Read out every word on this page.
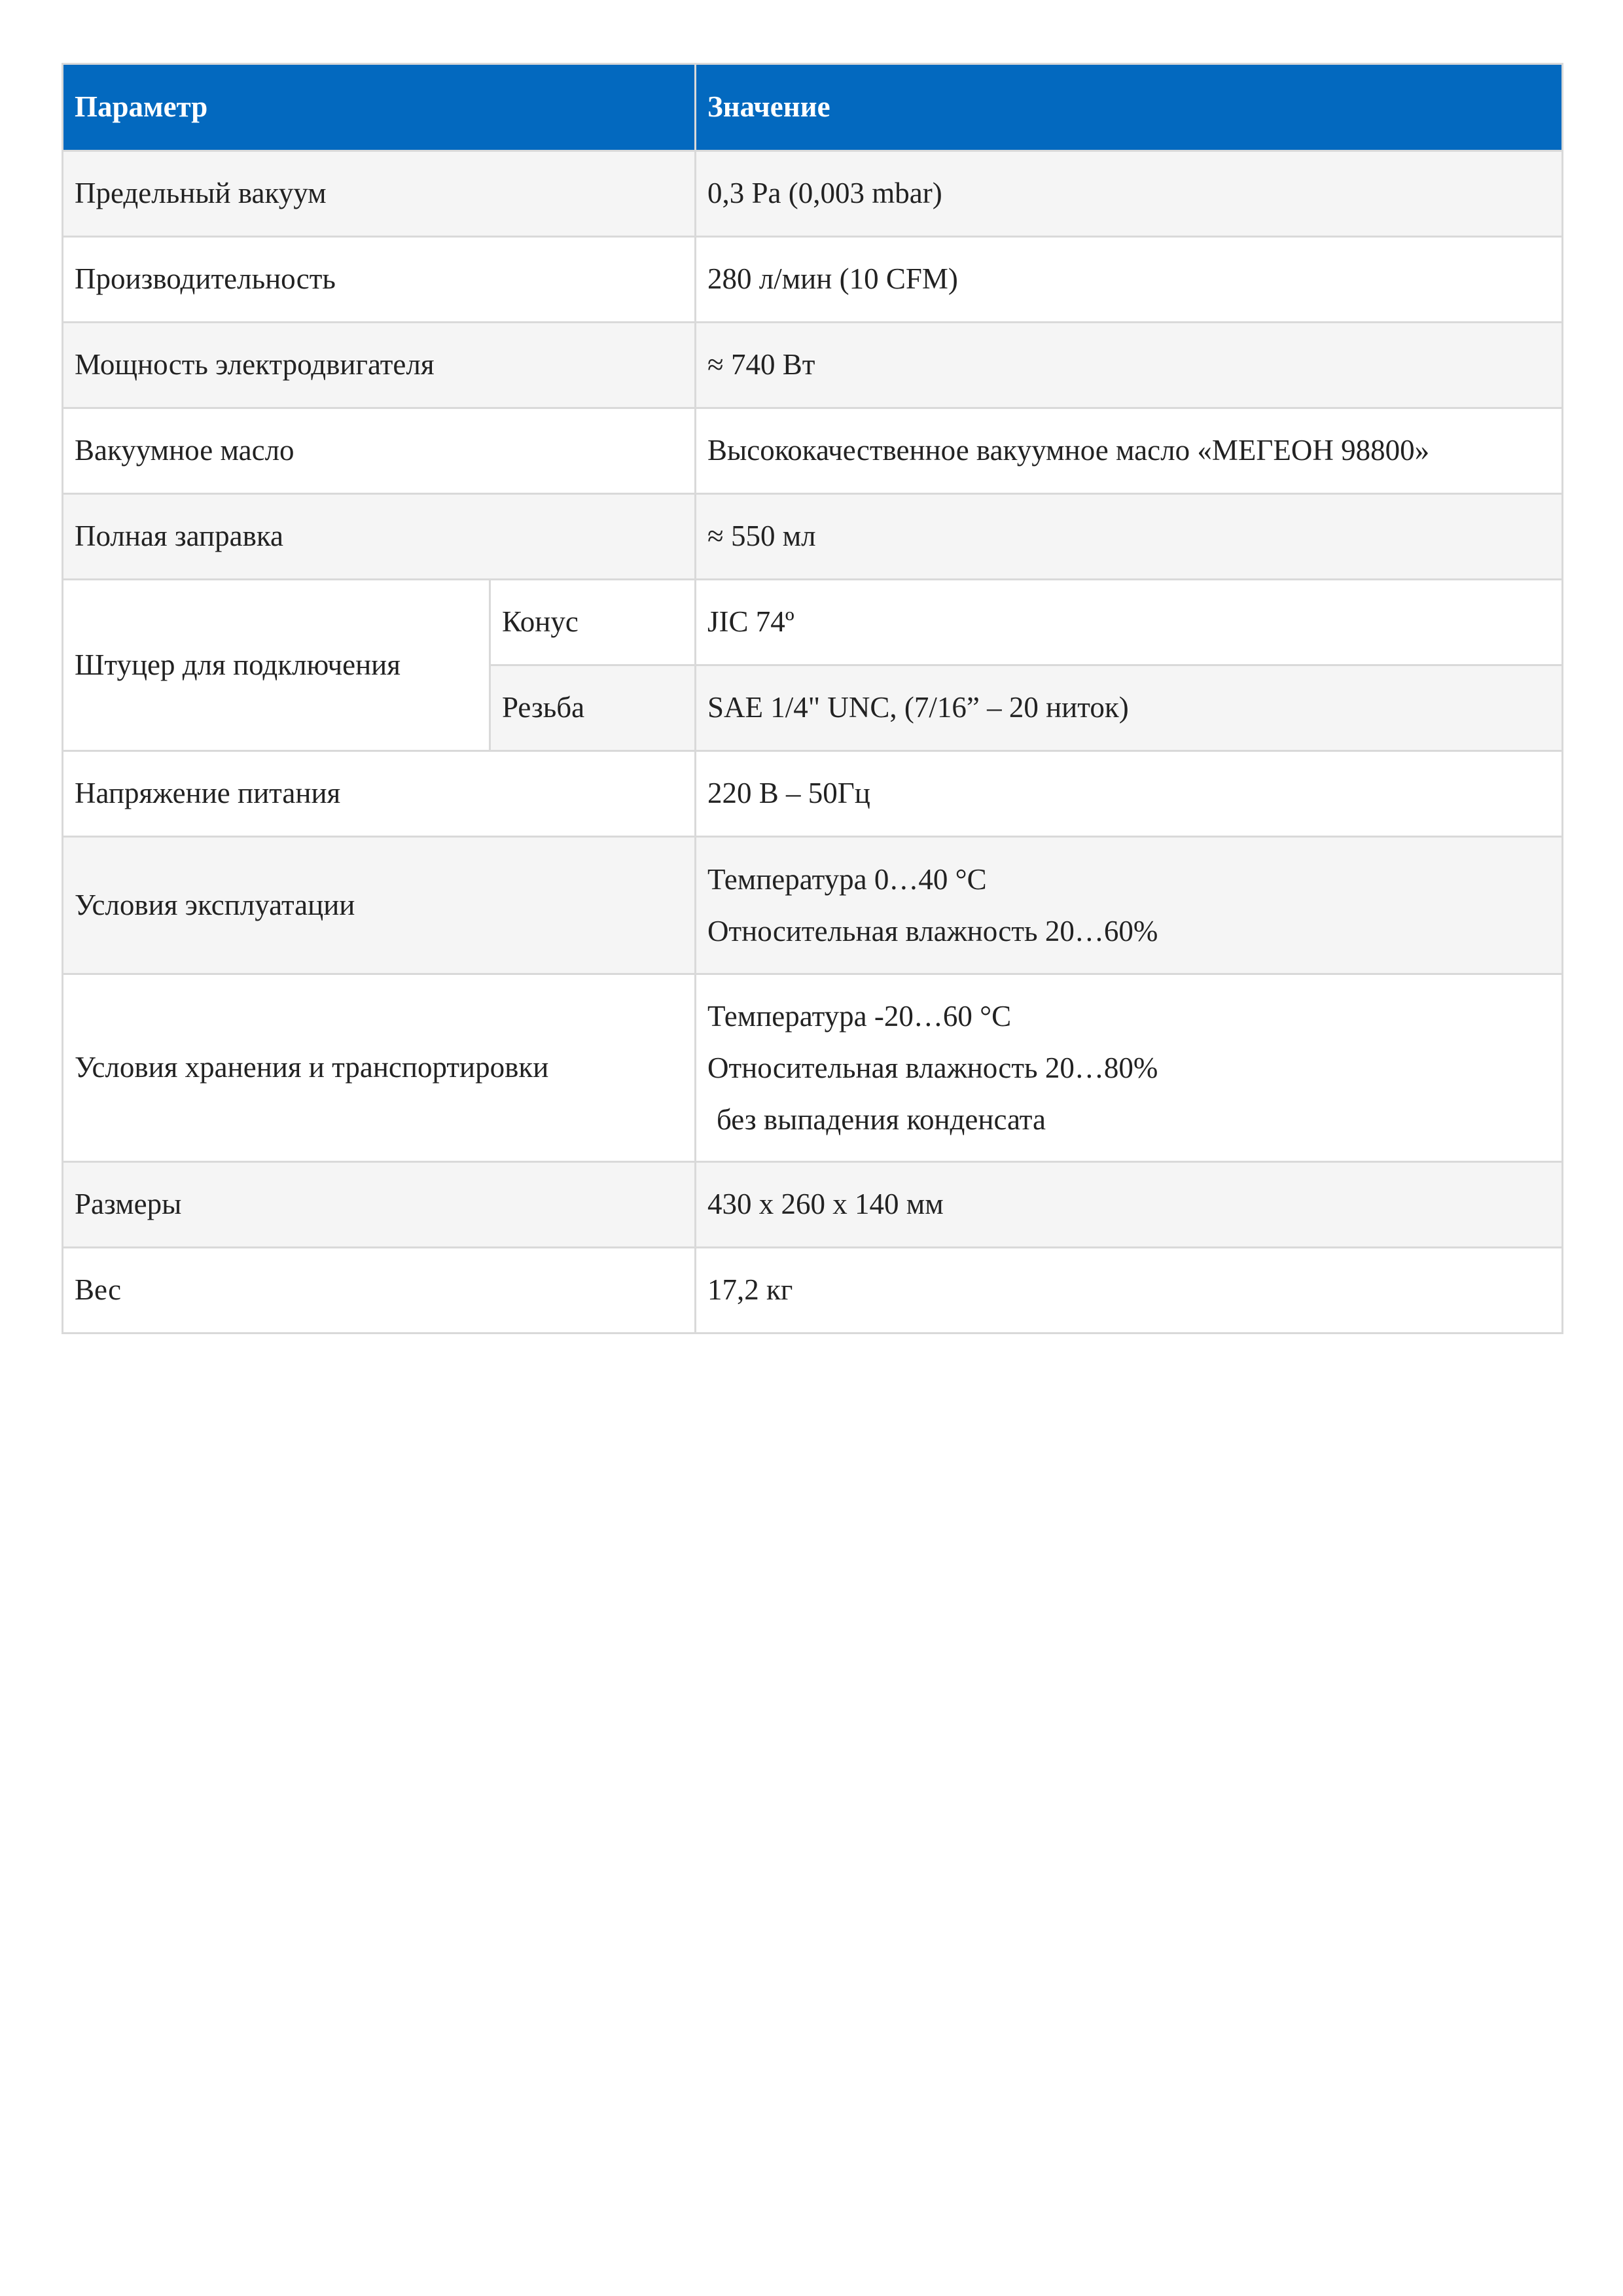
Параметр		Значение
Предельный вакуум		0,3 Pa (0,003 mbar)
Производительность		280 л/мин (10 CFM)
Мощность электродвигателя		≈ 740 Вт
Вакуумное масло		Высококачественное вакуумное масло «МЕГЕОН 98800»
Полная заправка		≈ 550 мл
Штуцер для подключения	Конус	JIC 74º
	Резьба	SAE 1/4" UNC, (7/16” – 20 ниток)
Напряжение питания		220 В – 50Гц
Условия эксплуатации		Температура 0…40 °С
Относительная влажность 20…60%

Условия хранения и транспортировки		Температура -20…60 °С
Относительная влажность 20…80%
без выпадения конденсата

Размеры		430 х 260 х 140 мм
Вес		17,2 кг
